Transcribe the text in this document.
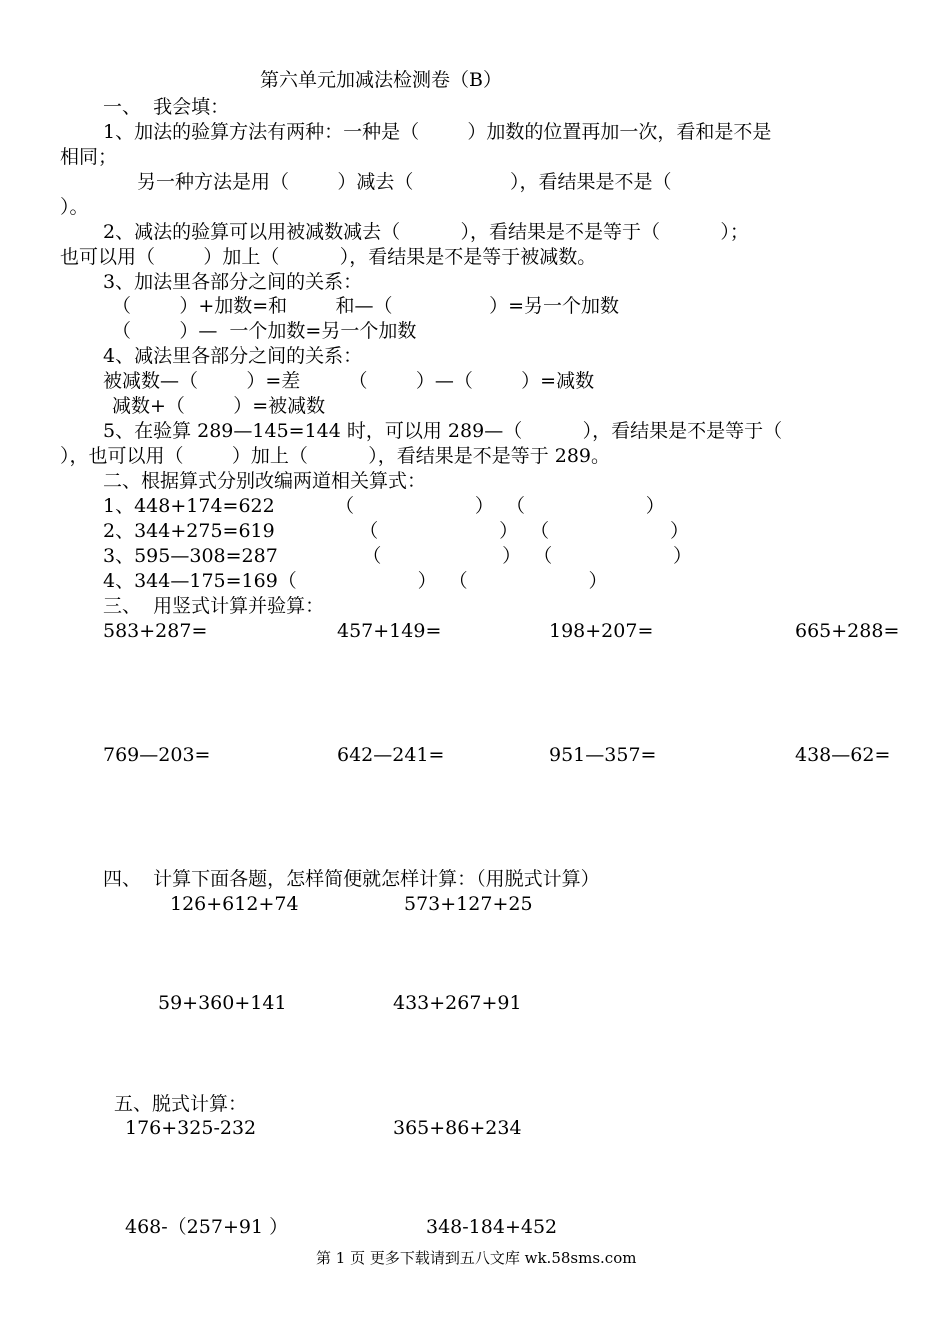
第六单元加减法检测卷（B）
一、  我会填：
1、加法的验算方法有两种：一种是（        ）加数的位置再加一次，看和是不是
相同；
另一种方法是用（        ）减去（                ），看结果是不是（
）。
2、减法的验算可以用被减数减去（          ），看结果是不是等于（          ）；
也可以用（        ）加上（          ），看结果是不是等于被减数。
3、加法里各部分之间的关系：
（        ）+加数=和        和—（                ）=另一个加数
（        ）—  一个加数=另一个加数
4、减法里各部分之间的关系：
被减数—（        ）=差        （        ）—（        ）=减数
减数+（        ）=被减数
5、在验算 289—145=144 时，可以用 289—（          ），看结果是不是等于（
），也可以用（        ）加上（          ），看结果是不是等于 289。
二、根据算式分别改编两道相关算式：
1、448+174=622          （                    ）  （                    ）
2、344+275=619              （                    ）  （                    ）
3、595—308=287              （                    ）  （                    ）
4、344—175=169（                    ）  （                    ）
三、  用竖式计算并验算：
583+287=	457+149=	198+207=	665+288=
769—203=	642—241=	951—357=	438—62=
四、  计算下面各题，怎样简便就怎样计算：（用脱式计算）
126+612+74	573+127+25
59+360+141	433+267+91
五、脱式计算：
176+325-232	365+86+234
468-（257+91 ）	348-184+452
第 1 页 更多下载请到五八文库 wk.58sms.com
